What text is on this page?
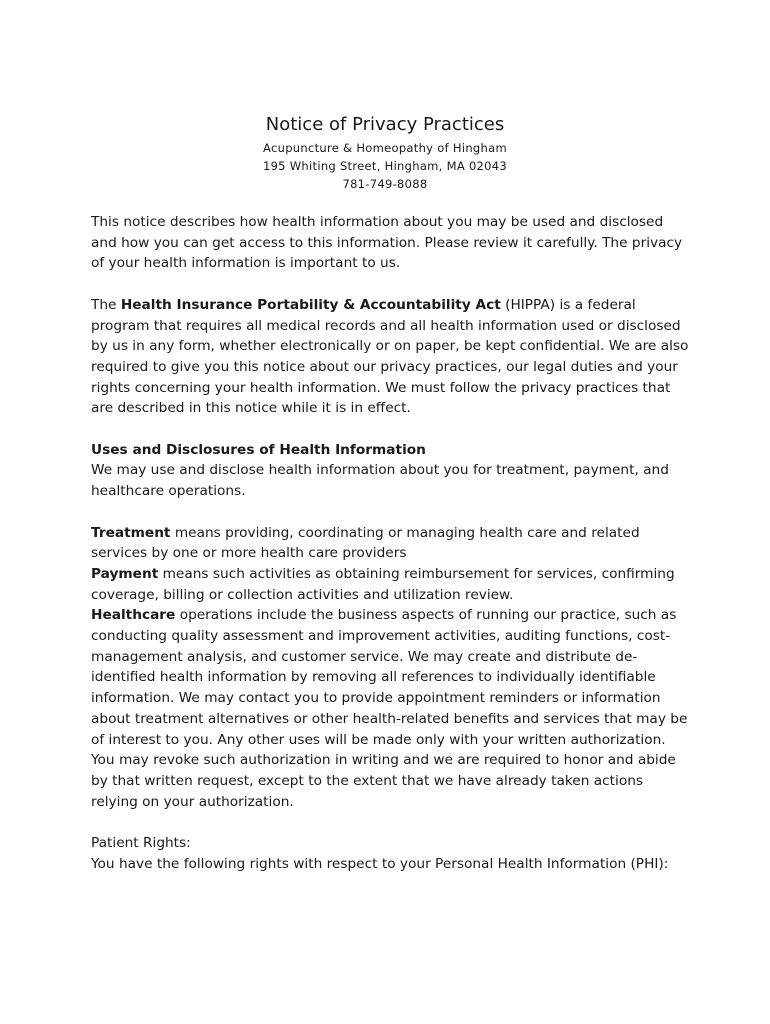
Notice of Privacy Practices

Acupuncture & Homeopathy of Hingham

195 Whiting Street, Hingham, MA 02043

781-749-8088

This notice describes how health information about you may be used and disclosed and how you can get access to this information. Please review it carefully. The privacy of your health information is important to us.

The Health Insurance Portability & Accountability Act (HIPPA) is a federal program that requires all medical records and all health information used or disclosed by us in any form, whether electronically or on paper, be kept confidential. We are also required to give you this notice about our privacy practices, our legal duties and your rights concerning your health information. We must follow the privacy practices that are described in this notice while it is in effect.

Uses and Disclosures of Health Information

We may use and disclose health information about you for treatment, payment, and healthcare operations.

Treatment means providing, coordinating or managing health care and related services by one or more health care providers

Payment means such activities as obtaining reimbursement for services, confirming coverage, billing or collection activities and utilization review.

Healthcare operations include the business aspects of running our practice, such as conducting quality assessment and improvement activities, auditing functions, cost-management analysis, and customer service. We may create and distribute de-identified health information by removing all references to individually identifiable information. We may contact you to provide appointment reminders or information about treatment alternatives or other health-related benefits and services that may be of interest to you. Any other uses will be made only with your written authorization. You may revoke such authorization in writing and we are required to honor and abide by that written request, except to the extent that we have already taken actions relying on your authorization.

Patient Rights:

You have the following rights with respect to your Personal Health Information (PHI):
